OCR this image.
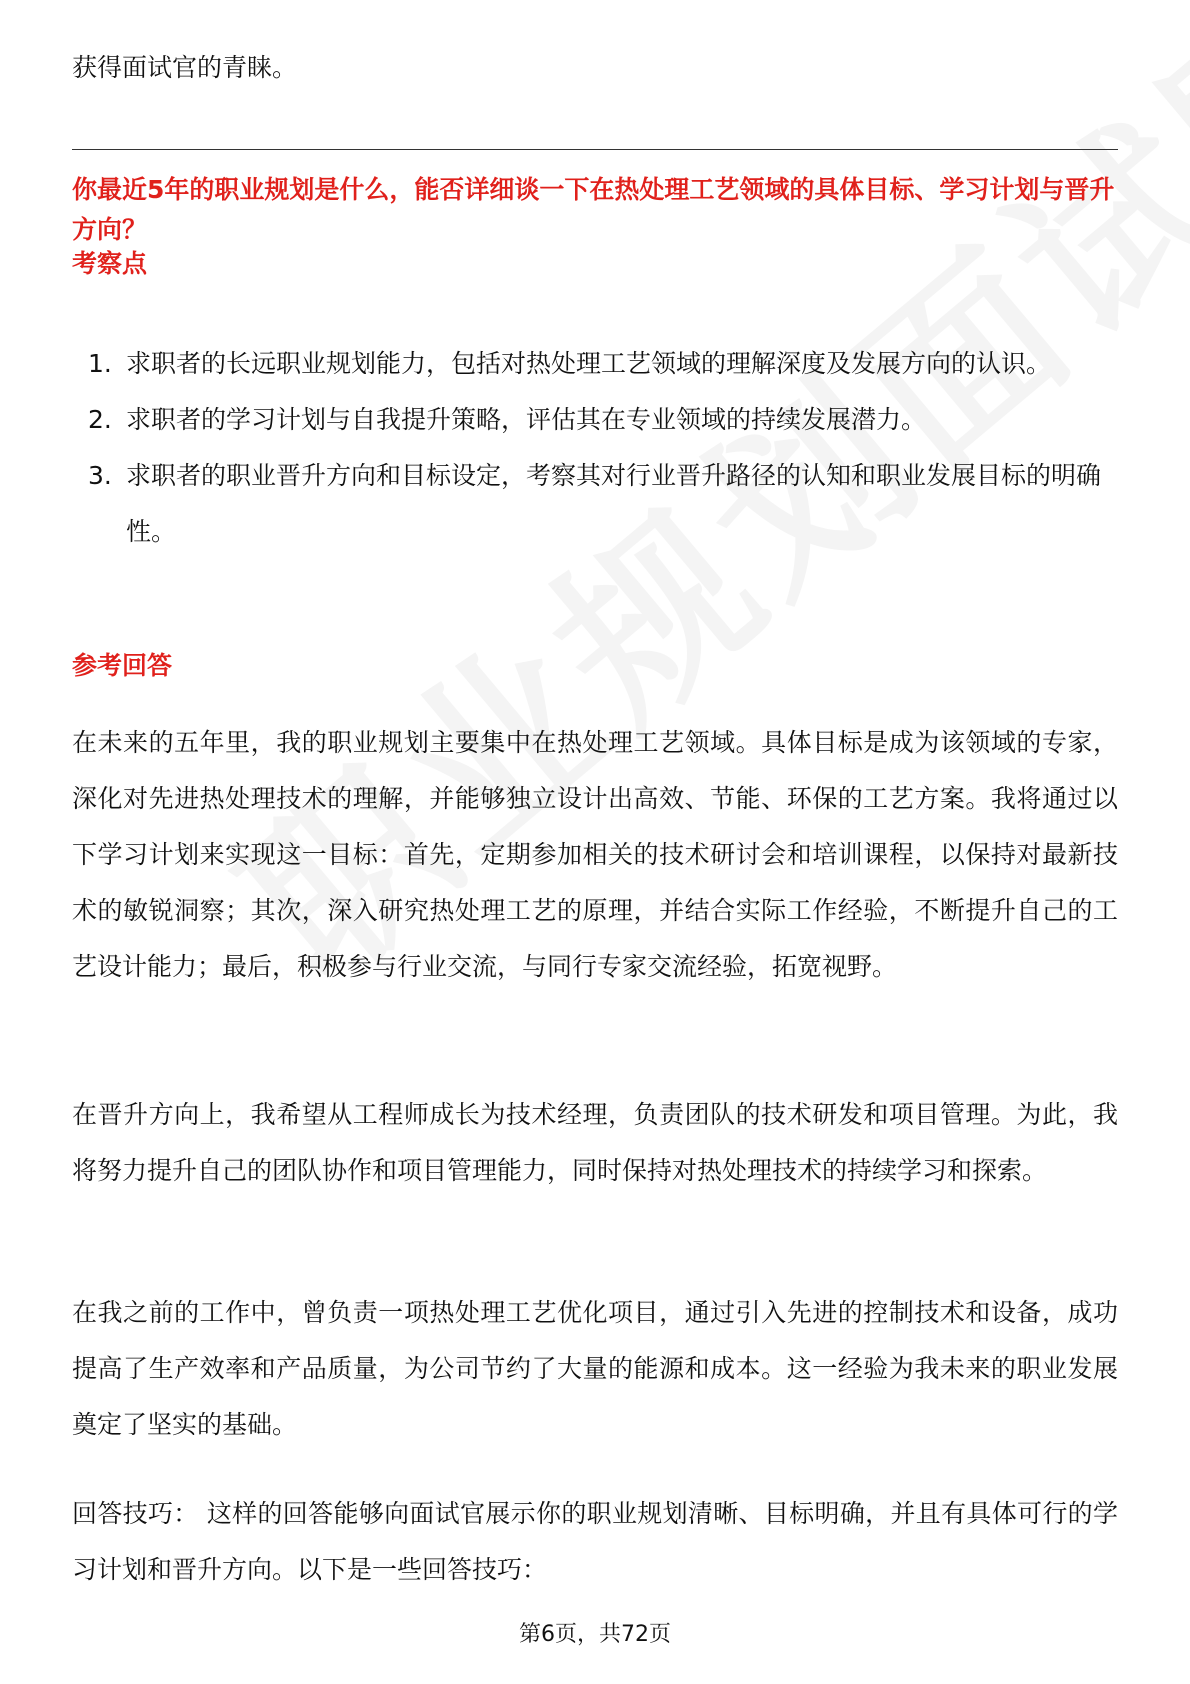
获得面试官的青睐。

你最近5年的职业规划是什么，能否详细谈一下在热处理工艺领域的具体目标、学习计划与晋升方向？
考察点
1. 求职者的长远职业规划能力，包括对热处理工艺领域的理解深度及发展方向的认识。
2. 求职者的学习计划与自我提升策略，评估其在专业领域的持续发展潜力。
3. 求职者的职业晋升方向和目标设定，考察其对行业晋升路径的认知和职业发展目标的明确性。
参考回答

在未来的五年里，我的职业规划主要集中在热处理工艺领域。具体目标是成为该领域的专家，深化对先进热处理技术的理解，并能够独立设计出高效、节能、环保的工艺方案。我将通过以下学习计划来实现这一目标：首先，定期参加相关的技术研讨会和培训课程，以保持对最新技术的敏锐洞察；其次，深入研究热处理工艺的原理，并结合实际工作经验，不断提升自己的工艺设计能力；最后，积极参与行业交流，与同行专家交流经验，拓宽视野。

在晋升方向上，我希望从工程师成长为技术经理，负责团队的技术研发和项目管理。为此，我将努力提升自己的团队协作和项目管理能力，同时保持对热处理技术的持续学习和探索。

在我之前的工作中，曾负责一项热处理工艺优化项目，通过引入先进的控制技术和设备，成功提高了生产效率和产品质量，为公司节约了大量的能源和成本。这一经验为我未来的职业发展奠定了坚实的基础。

回答技巧： 这样的回答能够向面试官展示你的职业规划清晰、目标明确，并且有具体可行的学习计划和晋升方向。以下是一些回答技巧：

第6页，共72页
